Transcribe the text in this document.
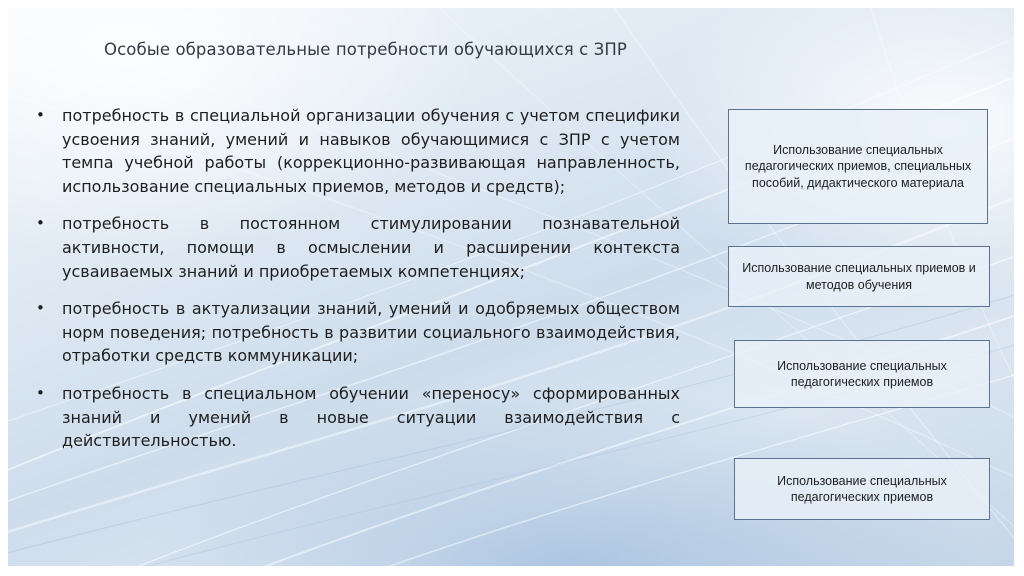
Особые образовательные потребности обучающихся с ЗПР
• потребность в специальной организации обучения с учетом специфики усвоения знаний, умений и навыков обучающимися с ЗПР с учетом темпа учебной работы (коррекционно-развивающая направленность, использование специальных приемов, методов и средств);
• потребность в постоянном стимулировании познавательной активности, помощи в осмыслении и расширении контекста усваиваемых знаний и приобретаемых компетенциях;
• потребность в актуализации знаний, умений и одобряемых обществом норм поведения; потребность в развитии социального взаимодействия, отработки средств коммуникации;
• потребность в специальном обучении «переносу» сформированных знаний и умений в новые ситуации взаимодействия с действительностью.
Использование специальных педагогических приемов, специальных пособий, дидактического материала
Использование специальных приемов и методов обучения
Использование специальных педагогических приемов
Использование специальных педагогических приемов
